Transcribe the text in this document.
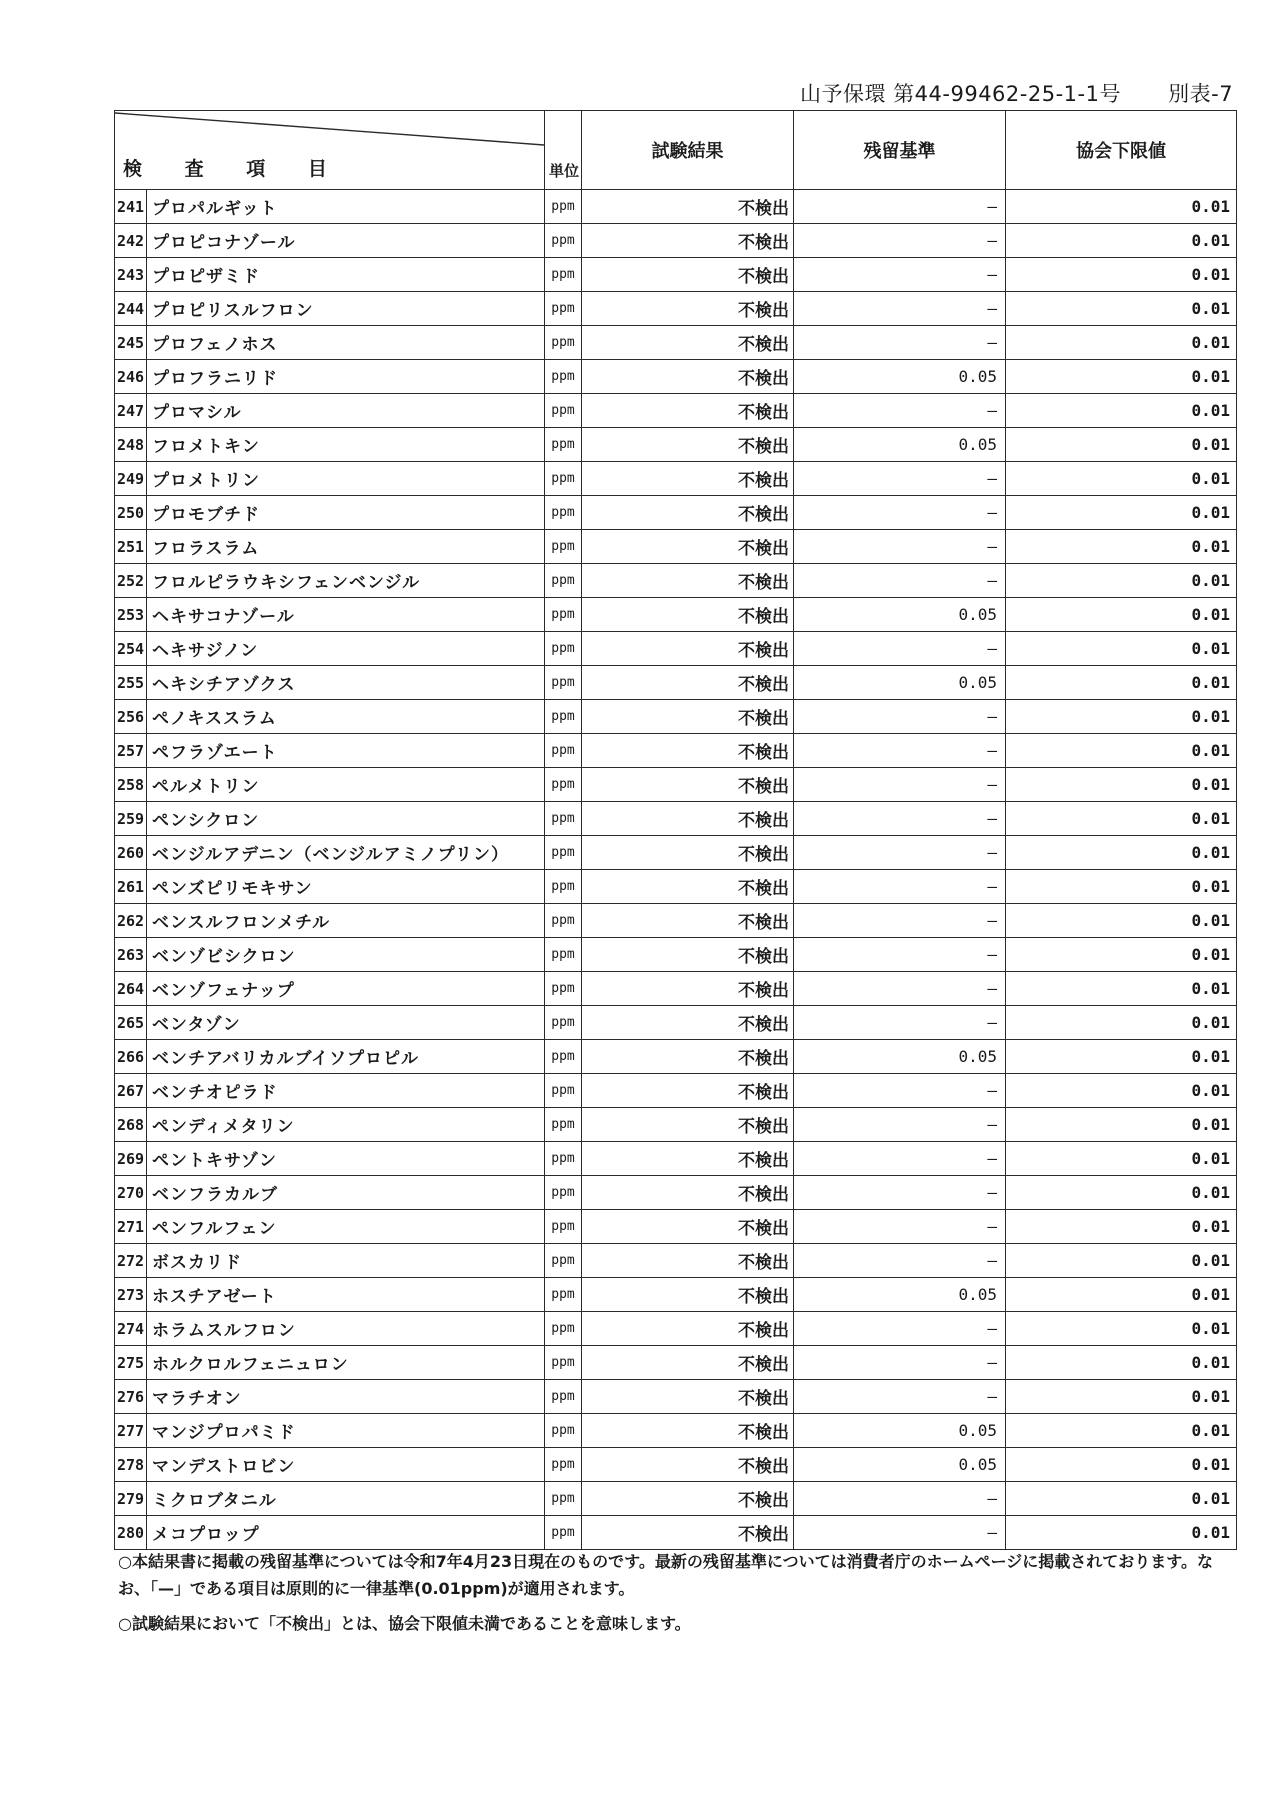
山予保環 第44-99462-25-1-1号 別表-7
検 査 項 目		単位	試験結果	残留基準	協会下限値
241	プロパルギット	ppm	不検出	—	0.01
242	プロピコナゾール	ppm	不検出	—	0.01
243	プロピザミド	ppm	不検出	—	0.01
244	プロピリスルフロン	ppm	不検出	—	0.01
245	プロフェノホス	ppm	不検出	—	0.01
246	プロフラニリド	ppm	不検出	0.05	0.01
247	プロマシル	ppm	不検出	—	0.01
248	フロメトキン	ppm	不検出	0.05	0.01
249	プロメトリン	ppm	不検出	—	0.01
250	プロモブチド	ppm	不検出	—	0.01
251	フロラスラム	ppm	不検出	—	0.01
252	フロルピラウキシフェンベンジル	ppm	不検出	—	0.01
253	ヘキサコナゾール	ppm	不検出	0.05	0.01
254	ヘキサジノン	ppm	不検出	—	0.01
255	ヘキシチアゾクス	ppm	不検出	0.05	0.01
256	ペノキススラム	ppm	不検出	—	0.01
257	ペフラゾエート	ppm	不検出	—	0.01
258	ペルメトリン	ppm	不検出	—	0.01
259	ペンシクロン	ppm	不検出	—	0.01
260	ベンジルアデニン（ベンジルアミノプリン）	ppm	不検出	—	0.01
261	ペンズピリモキサン	ppm	不検出	—	0.01
262	ベンスルフロンメチル	ppm	不検出	—	0.01
263	ベンゾビシクロン	ppm	不検出	—	0.01
264	ベンゾフェナップ	ppm	不検出	—	0.01
265	ベンタゾン	ppm	不検出	—	0.01
266	ベンチアバリカルブイソプロピル	ppm	不検出	0.05	0.01
267	ベンチオピラド	ppm	不検出	—	0.01
268	ペンディメタリン	ppm	不検出	—	0.01
269	ペントキサゾン	ppm	不検出	—	0.01
270	ベンフラカルブ	ppm	不検出	—	0.01
271	ペンフルフェン	ppm	不検出	—	0.01
272	ボスカリド	ppm	不検出	—	0.01
273	ホスチアゼート	ppm	不検出	0.05	0.01
274	ホラムスルフロン	ppm	不検出	—	0.01
275	ホルクロルフェニュロン	ppm	不検出	—	0.01
276	マラチオン	ppm	不検出	—	0.01
277	マンジプロパミド	ppm	不検出	0.05	0.01
278	マンデストロビン	ppm	不検出	0.05	0.01
279	ミクロブタニル	ppm	不検出	—	0.01
280	メコプロップ	ppm	不検出	—	0.01

○本結果書に掲載の残留基準については令和7年4月23日現在のものです。最新の残留基準については消費者庁のホームページに掲載されております。なお、「—」である項目は原則的に一律基準(0.01ppm)が適用されます。

○試験結果において「不検出」とは、協会下限値未満であることを意味します。
